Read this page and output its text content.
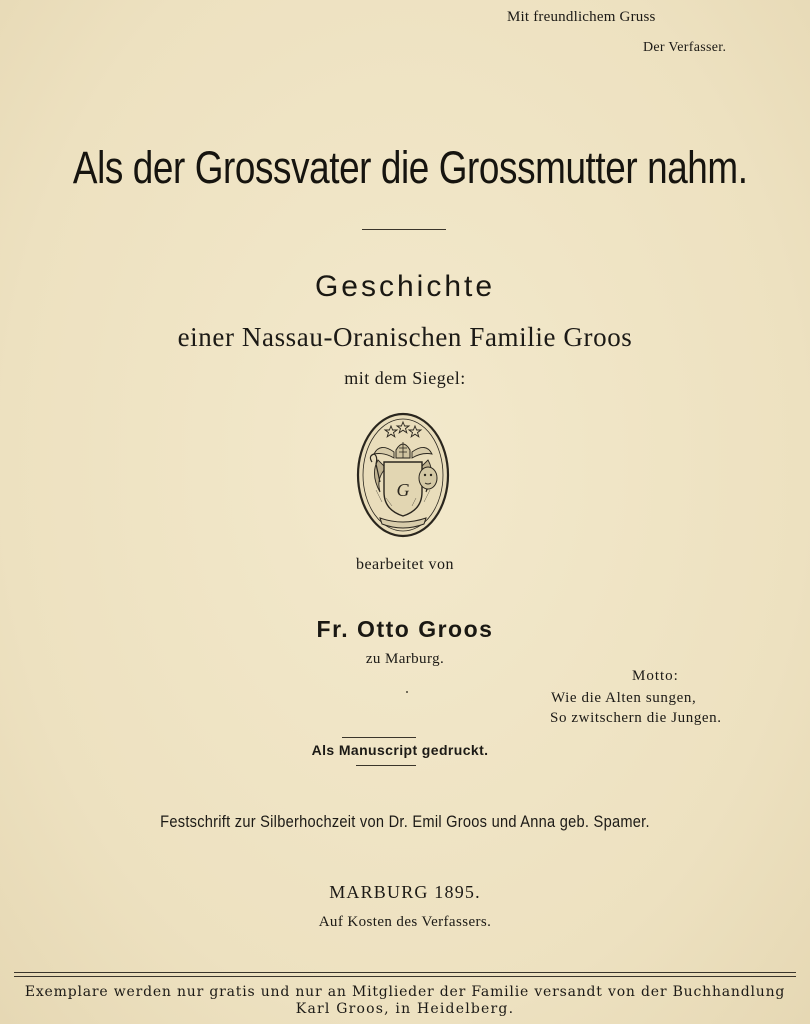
Mit freundlichem Gruss
Der Verfasser.
Als der Grossvater die Grossmutter nahm.
Geschichte
einer Nassau-Oranischen Familie Groos
mit dem Siegel:
G
bearbeitet von
Fr. Otto Groos
zu Marburg.
Motto:
Wie die Alten sungen,
So zwitschern die Jungen.
Als Manuscript gedruckt.
Festschrift zur Silberhochzeit von Dr. Emil Groos und Anna geb. Spamer.
MARBURG 1895.
Auf Kosten des Verfassers.
Exemplare werden nur gratis und nur an Mitglieder der Familie versandt von der Buchhandlung
Karl Groos, in Heidelberg.
